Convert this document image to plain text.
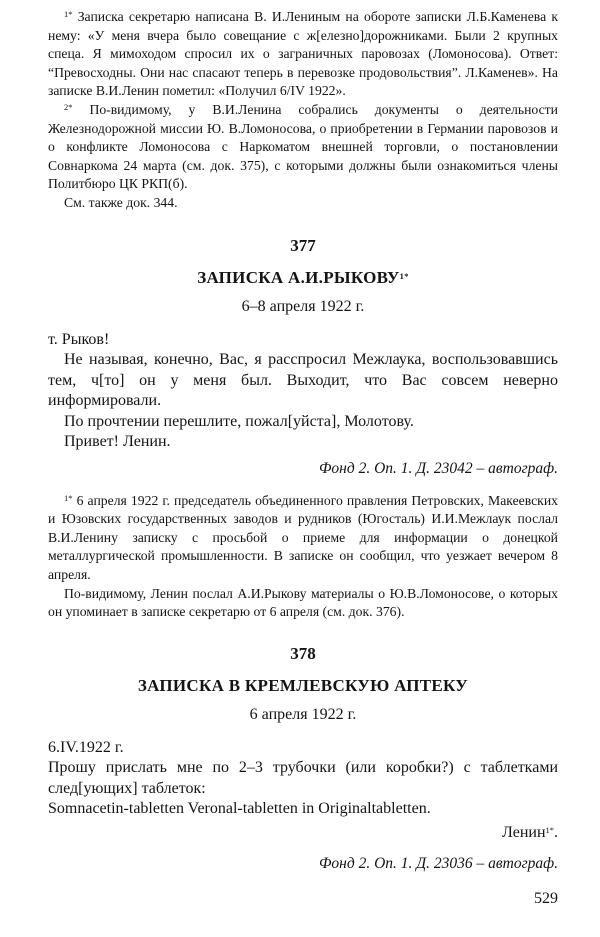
$^{1*}$ Записка секретарю написана В. И.Лениным на обороте записки Л.Б.Каменева к нему: «У меня вчера было совещание с ж[елезно]дорожниками. Были 2 крупных спеца. Я мимоходом спросил их о заграничных паровозах (Ломоносова). Ответ: “Превосходны. Они нас спасают теперь в перевозке продовольствия”. Л.Каменев». На записке В.И.Ленин пометил: «Получил 6/IV 1922».

$^{2*}$ По-видимому, у В.И.Ленина собрались документы о деятельности Железнодорожной миссии Ю. В.Ломоносова, о приобретении в Германии паровозов и о конфликте Ломоносова с Наркоматом внешней торговли, о постановлении Совнаркома 24 марта (см. док. 375), с которыми должны были ознакомиться члены Политбюро ЦК РКП(б).

См. также док. 344.

377

ЗАПИСКА $А.И.РЫКОВУ^{1*}$

6–8 апреля 1922 г.

т. Рыков!

Не называя, конечно, Вас, я расспросил Межлаука, воспользовавшись тем, ч[то] он у меня был. Выходит, что Вас совсем неверно информировали.

По прочтении перешлите, пожал[уйста], Молотову.

Привет! Ленин.

Фонд 2. Оп. 1. Д. 23042 – автограф.

$^{1*}$ 6 апреля 1922 г. председатель объединенного правления Петровских, Макеевских и Юзовских государственных заводов и рудников (Югосталь) И.И.Межлаук послал В.И.Ленину записку с просьбой о приеме для информации о донецкой металлургической промышленности. В записке он сообщил, что уезжает вечером 8 апреля.

По-видимому, Ленин послал А.И.Рыкову материалы о Ю.В.Ломоносове, о которых он упоминает в записке секретарю от 6 апреля (см. док. 376).

378

ЗАПИСКА В КРЕМЛЕВСКУЮ АПТЕКУ

6 апреля 1922 г.

6.IV.1922 г.

Прошу прислать мне по 2–3 трубочки (или коробки?) с таблетками след[ующих] таблеток:

Somnacetin-tabletten Veronal-tabletten in Originaltabletten.

Ленин$^{1*}$.

Фонд 2. Оп. 1. Д. 23036 – автограф.

529
